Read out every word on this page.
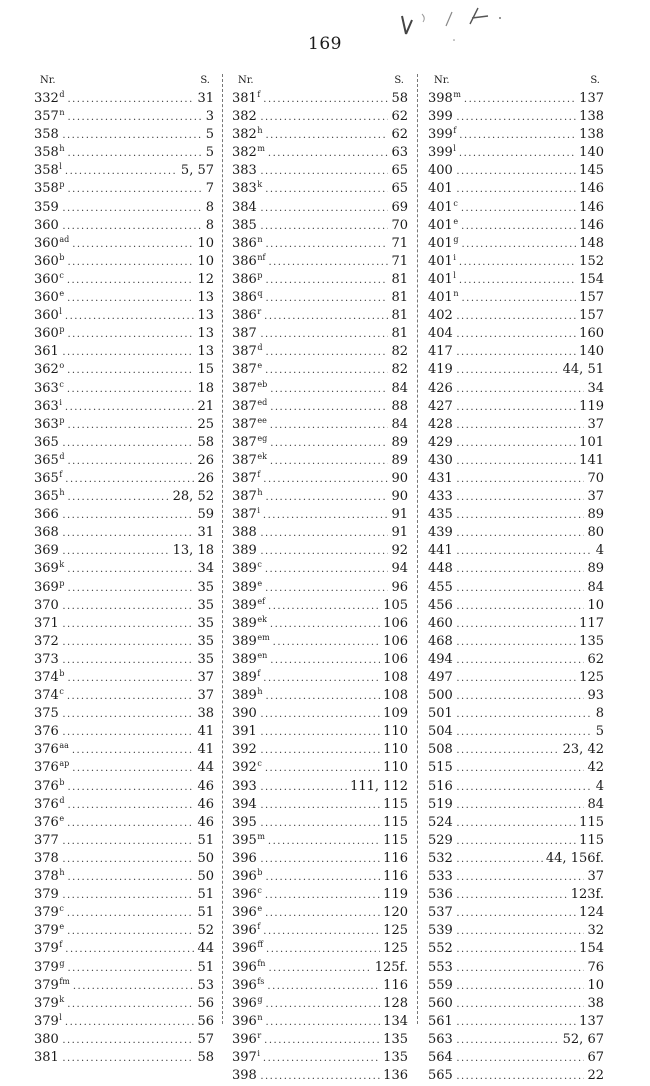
169
Nr.	S.
332$^d$ .....	31
357$^n$ .....	3
358 .....	5
358$^h$ .....	5
358$^l$ .....	5, 57
358$^p$ .....	7
359 .....	8
360 .....	8
$360^{ad}$ .....	10
360$^b$ .....	10
360$^c$ .....	12
360e .....	13
360$^l$ .....	13
360$^p$ .....	13
361 .....	13
362$^o$ .....	15
363$^c$ .....	18
363$^i$ .....	21
363$^p$ .....	25
365 .....	58
365$^d$ .....	26
365$^f$ .....	26
365$^h$ .....	28, 52
366 .....	59
368 .....	31
369 .....	13, 18
369$^k$ .....	34
369$^p$ .....	35
370 .....	35
371 .....	35
372 .....	35
373 .....	35
374$^b$ .....	37
374$^c$ .....	37
375 .....	38
376 .....	41
$376^{aa}$ .....	41
$376^{ap}$ .....	44
376$^b$ .....	46
376$^d$ .....	46
376e .....	46
377 .....	51
378 .....	50
378$^h$ .....	50
379 .....	51
379$^c$ .....	51
379e .....	52
379$^f$ .....	44
379$^g$ .....	51
$379^{fm}$ .....	53
379$^k$ .....	56
379$^l$ .....	56
380 .....	57
381 .....	58
Nr.	S.
381$^f$ .....	58
382 .....	62
382$^h$ .....	62
382$^m$ .....	63
383 .....	65
383$^k$ .....	65
384 .....	69
385 .....	70
386$^n$ .....	71
$386^{nf}$ .....	71
386$^p$ .....	81
386$^q$ .....	81
386$^r$ .....	81
387 .....	81
387$^d$ .....	82
387e .....	82
$387^{eb}$ .....	84
$387^{ed}$ .....	88
$387^{ee}$ .....	84
$387^{eg}$ .....	89
$387^{ek}$ .....	89
387$^f$ .....	90
387$^h$ .....	90
387$^i$ .....	91
388 .....	91
389 .....	92
389$^c$ .....	94
389e .....	96
$389^{ef}$ .....	105
$389^{ek}$ .....	106
$389^{em}$ .....	106
$389^{en}$ .....	106
389$^f$ .....	108
389$^h$ .....	108
390 .....	109
391 .....	110
392 .....	110
392$^c$ .....	110
393 .....	111, 112
394 .....	115
395 .....	115
395$^m$ .....	115
396 .....	116
396$^b$ .....	116
396$^c$ .....	119
396e .....	120
396$^f$ .....	125
$396^{ff}$ .....	125
$396^{fn}$ .....	125f.
$396^{fs}$ .....	116
396$^g$ .....	128
396$^n$ .....	134
396$^r$ .....	135
397$^i$ .....	135
398 .....	136
Nr.	S.
398$^m$ .....	137
399 .....	138
399$^f$ .....	138
399$^l$ .....	140
400 .....	145
401 .....	146
401$^c$ .....	146
401e .....	146
401$^g$ .....	148
401$^i$ .....	152
401$^l$ .....	154
401$^n$ .....	157
402 .....	157
404 .....	160
417 .....	140
419 .....	44, 51
426 .....	34
427 .....	119
428 .....	37
429 .....	101
430 .....	141
431 .....	70
433 .....	37
435 .....	89
439 .....	80
441 .....	4
448 .....	89
455 .....	84
456 .....	10
460 .....	117
468 .....	135
494 .....	62
497 .....	125
500 .....	93
501 .....	8
504 .....	5
508 .....	23, 42
515 .....	42
516 .....	4
519 .....	84
524 .....	115
529 .....	115
532 .....	44, 156f.
533 .....	37
536 .....	123f.
537 .....	124
539 .....	32
552 .....	154
553 .....	76
559 .....	10
560 .....	38
561 .....	137
563 .....	52, 67
564 .....	67
565 .....	22
